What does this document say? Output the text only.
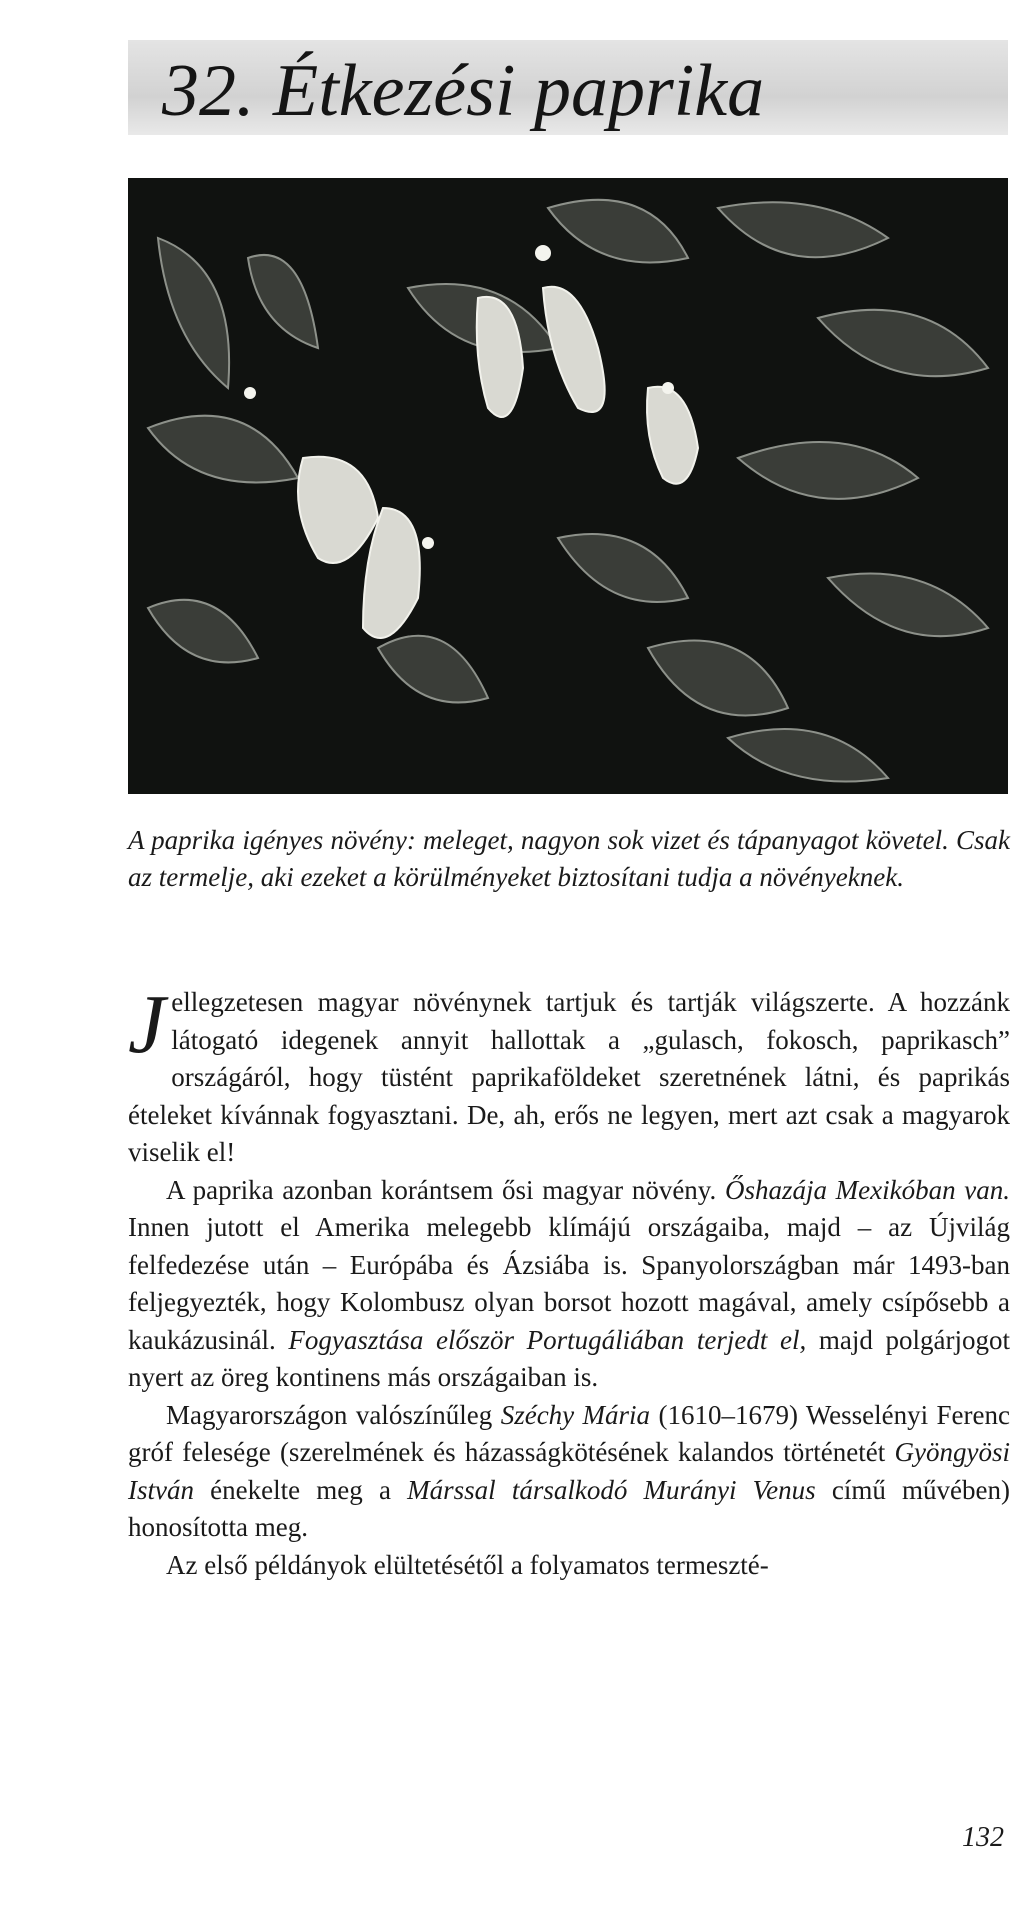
32. Étkezési paprika

A paprika igényes növény: meleget, nagyon sok vizet és tápanyagot követel. Csak az termelje, aki ezeket a körülményeket biztosítani tudja a növényeknek.

Jellegzetesen magyar növénynek tartjuk és tartják világszerte. A hozzánk látogató idegenek annyit hallottak a „gulasch, fokosch, paprikasch” országáról, hogy tüstént paprikaföldeket szeretnének látni, és paprikás ételeket kívánnak fogyasztani. De, ah, erős ne legyen, mert azt csak a magyarok viselik el!

A paprika azonban korántsem ősi magyar növény. Őshazája Mexikóban van. Innen jutott el Amerika melegebb klímájú országaiba, majd – az Újvilág felfedezése után – Európába és Ázsiába is. Spanyolországban már 1493-ban feljegyezték, hogy Kolombusz olyan borsot hozott magával, amely csípősebb a kaukázusinál. Fogyasztása először Portugáliában terjedt el, majd polgárjogot nyert az öreg kontinens más országaiban is.

Magyarországon valószínűleg Széchy Mária (1610–1679) Wesselényi Ferenc gróf felesége (szerelmének és házasságkötésének kalandos történetét Gyöngyösi István énekelte meg a Márssal társalkodó Murányi Venus című művében) honosította meg.

Az első példányok elültetésétől a folyamatos termeszté-

132
